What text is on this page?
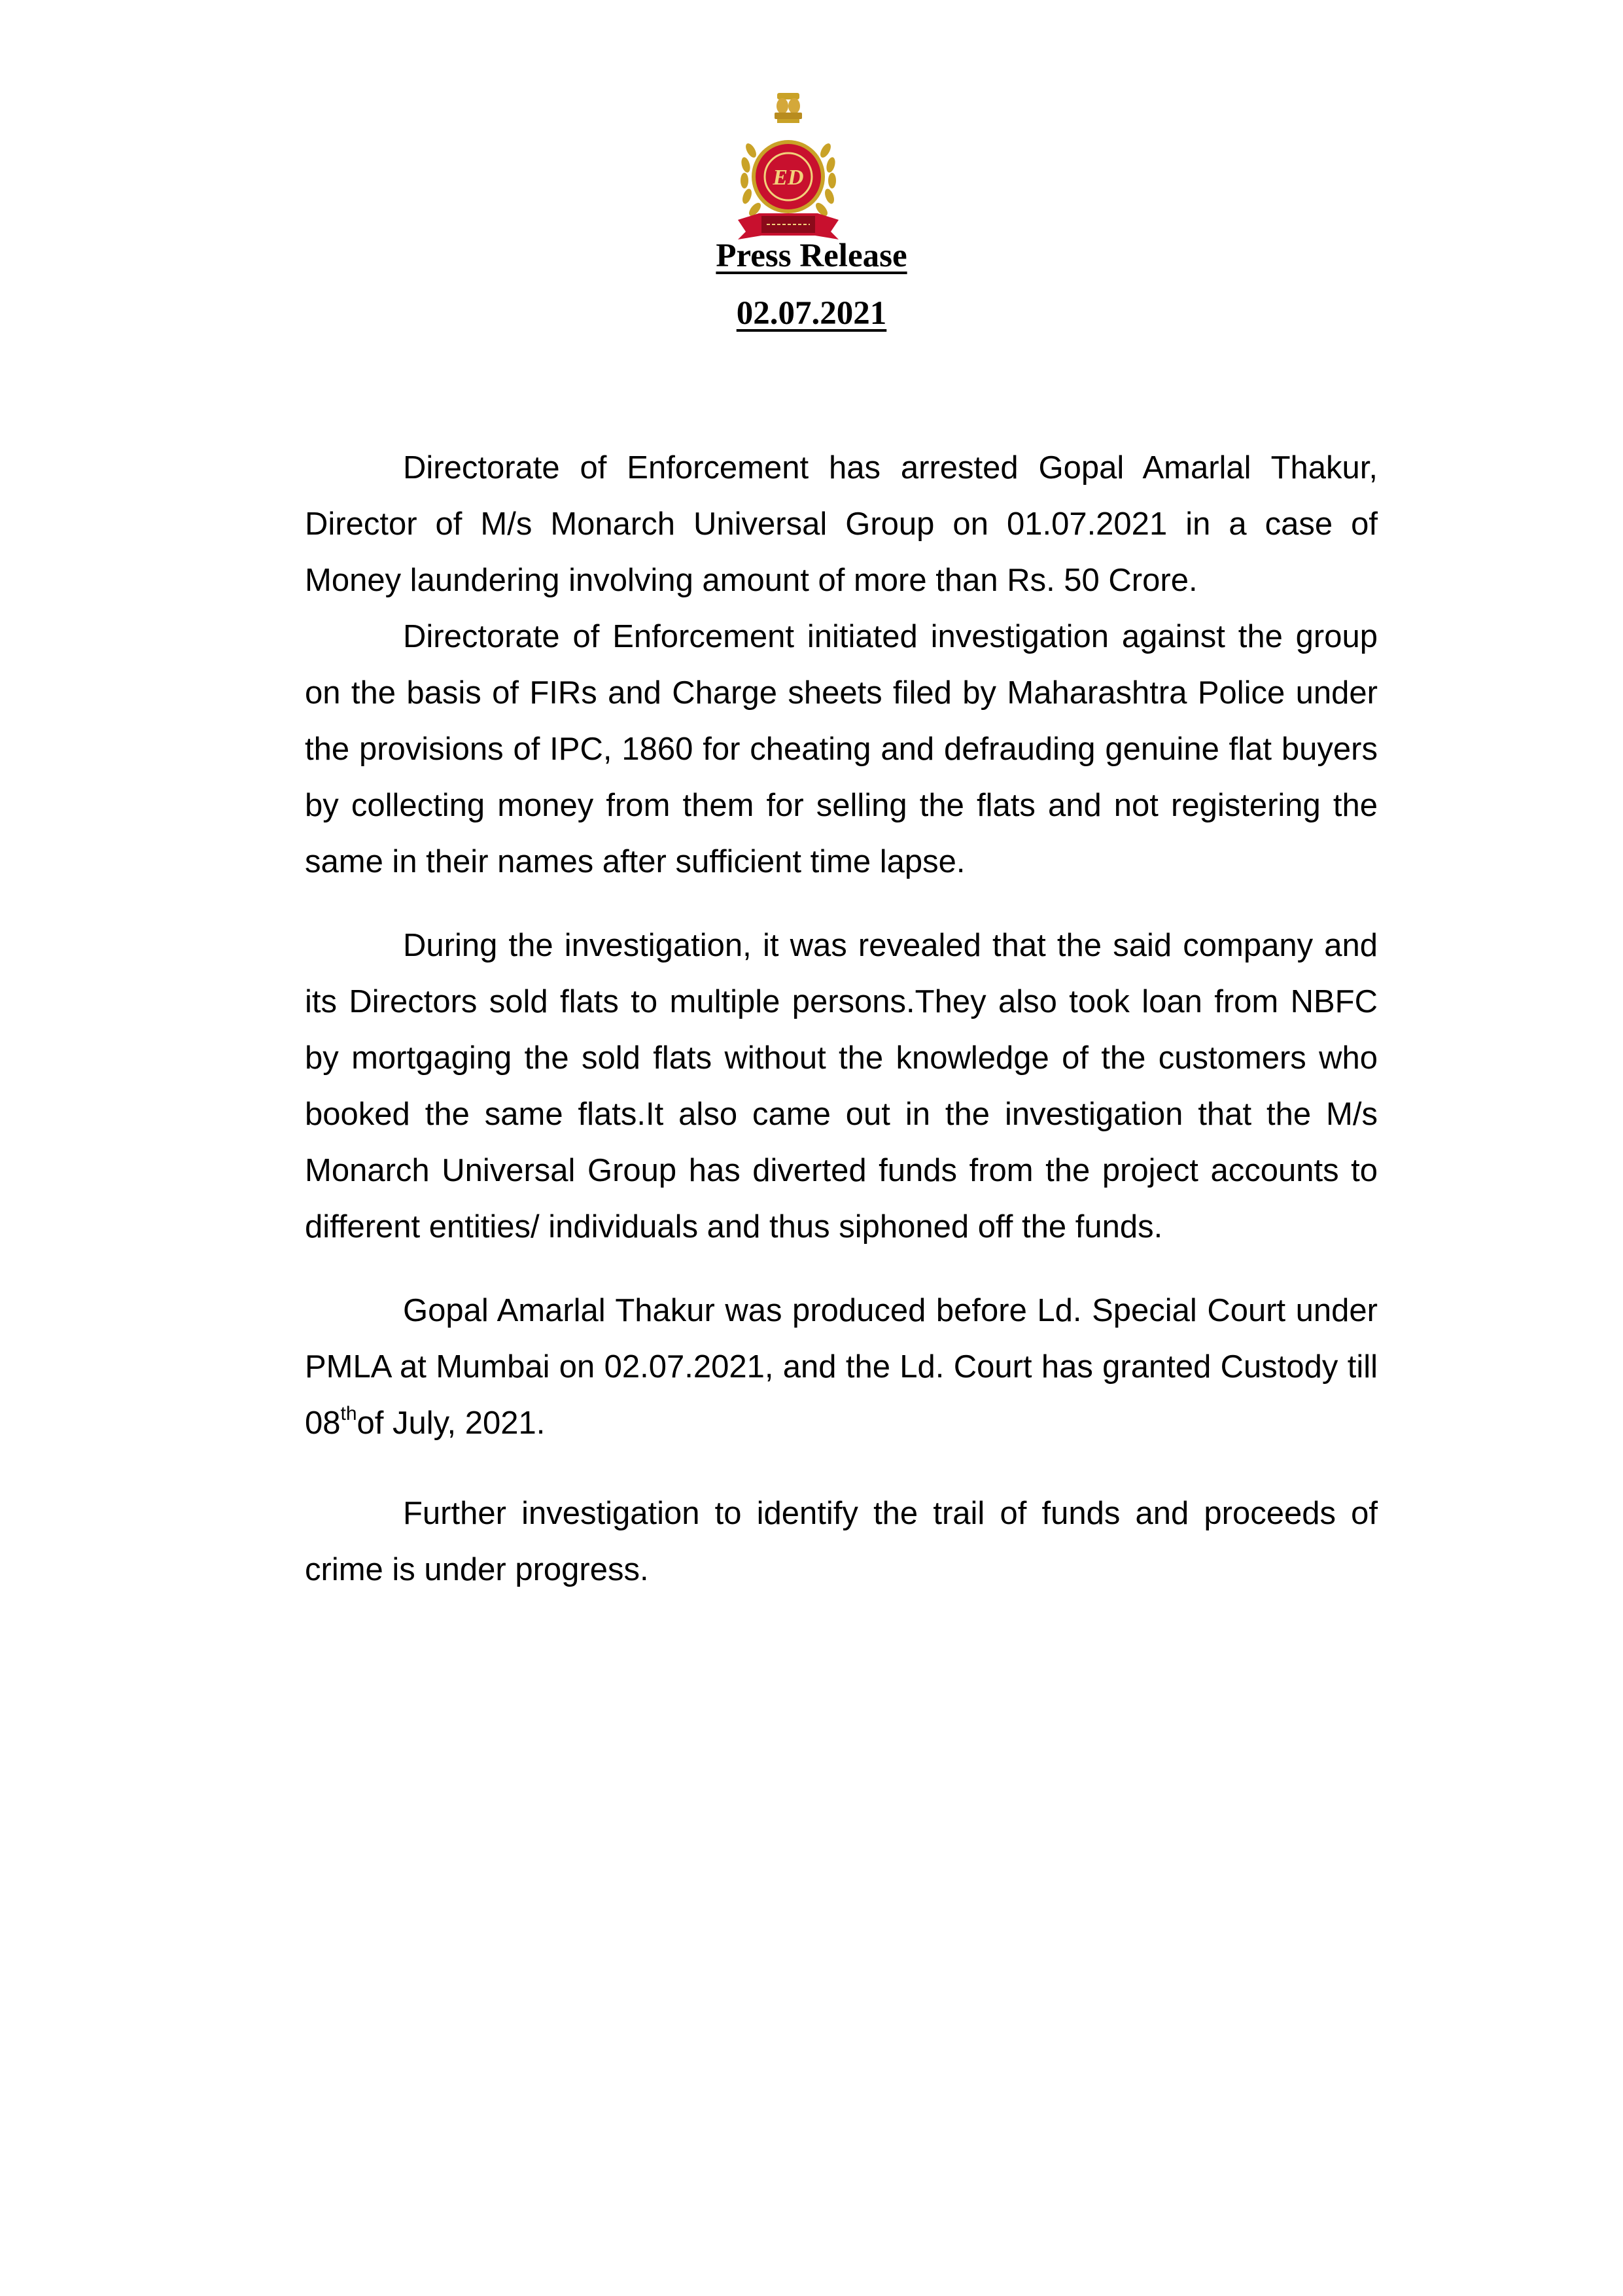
ED
Press Release
02.07.2021

Directorate of Enforcement has arrested Gopal Amarlal Thakur, Director of M/s Monarch Universal Group on 01.07.2021 in a case of Money laundering involving amount of more than Rs. 50 Crore.

Directorate of Enforcement initiated investigation against the group on the basis of FIRs and Charge sheets filed by Maharashtra Police under the provisions of IPC, 1860 for cheating and defrauding genuine flat buyers by collecting money from them for selling the flats and not registering the same in their names after sufficient time lapse.

During the investigation, it was revealed that the said company and its Directors sold flats to multiple persons.They also took loan from NBFC by mortgaging the sold flats without the knowledge of the customers who booked the same flats.It also came out in the investigation that the M/s Monarch Universal Group has diverted funds from the project accounts to different entities/ individuals and thus siphoned off the funds.

Gopal Amarlal Thakur was produced before Ld. Special Court under PMLA at Mumbai on 02.07.2021, and the Ld. Court has granted Custody till 08thof July, 2021.

Further investigation to identify the trail of funds and proceeds of crime is under progress.
